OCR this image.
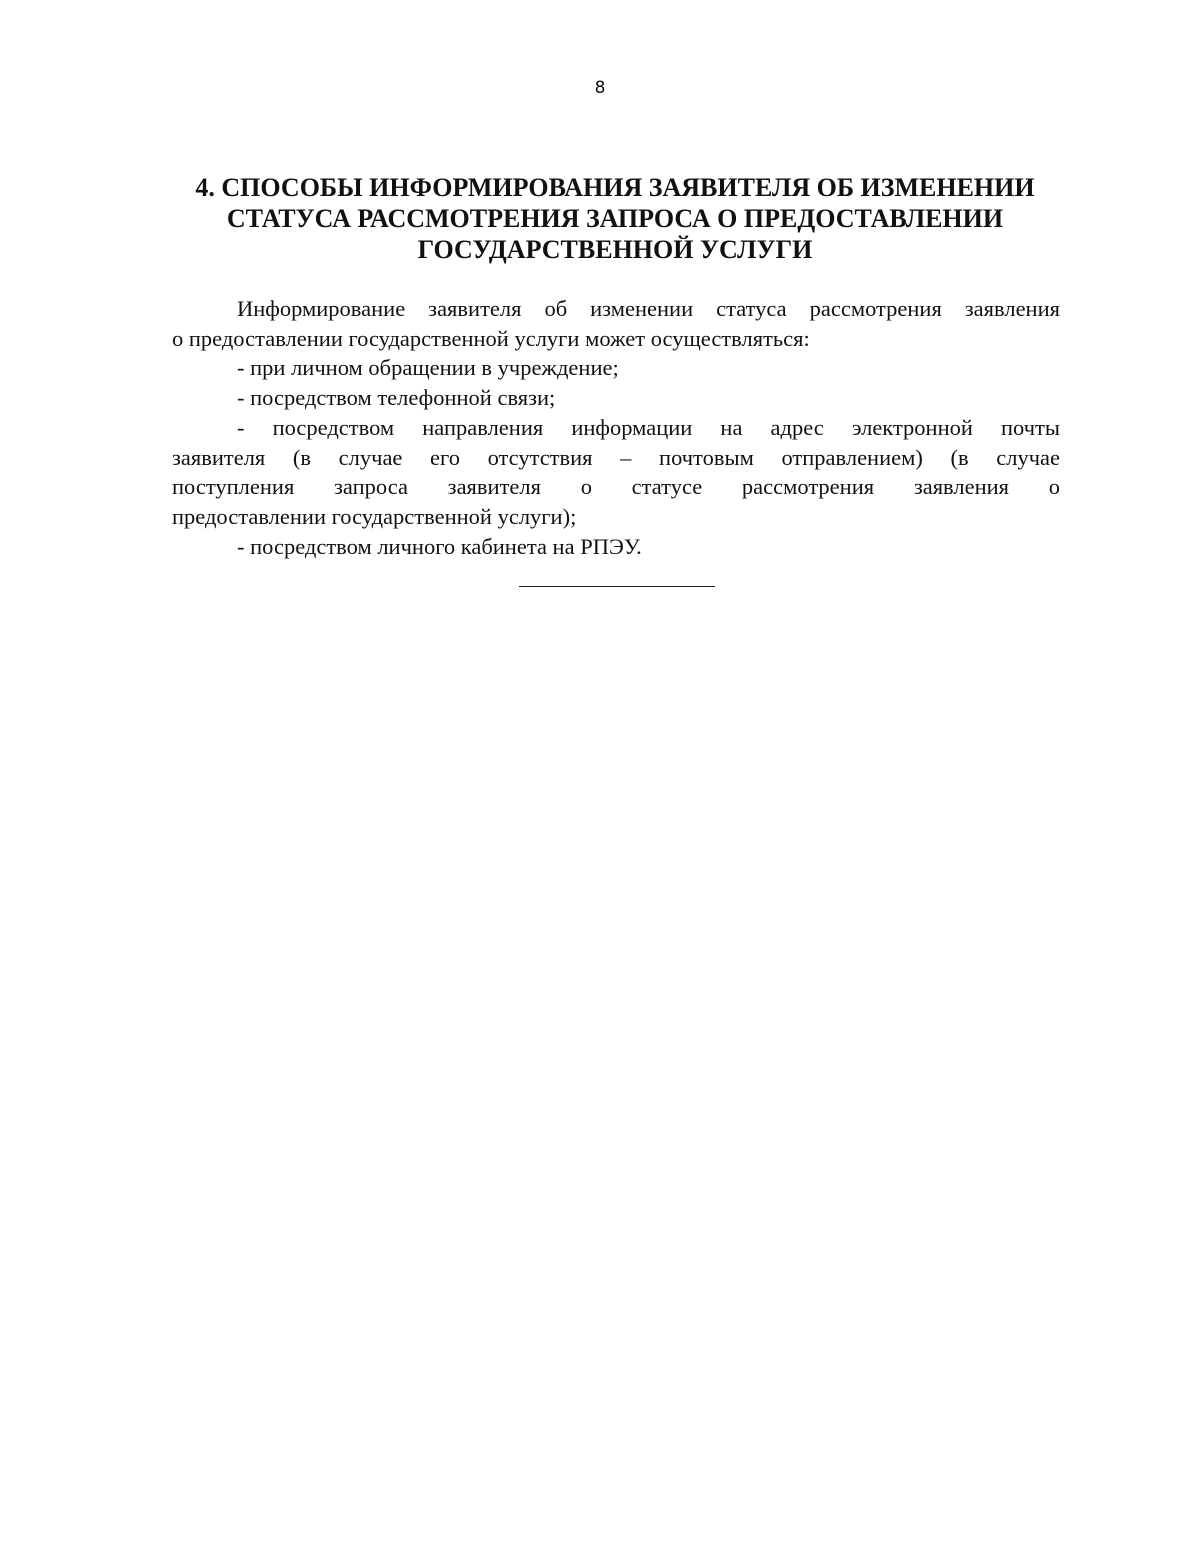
8
4. СПОСОБЫ ИНФОРМИРОВАНИЯ ЗАЯВИТЕЛЯ ОБ ИЗМЕНЕНИИ
СТАТУСА РАССМОТРЕНИЯ ЗАПРОСА О ПРЕДОСТАВЛЕНИИ
ГОСУДАРСТВЕННОЙ УСЛУГИ
Информирование заявителя об изменении статуса рассмотрения заявления
о предоставлении государственной услуги может осуществляться:
- при личном обращении в учреждение;
- посредством телефонной связи;
- посредством направления информации на адрес электронной почты
заявителя (в случае его отсутствия – почтовым отправлением) (в случае
поступления запроса заявителя о статусе рассмотрения заявления о
предоставлении государственной услуги);
- посредством личного кабинета на РПЭУ.
